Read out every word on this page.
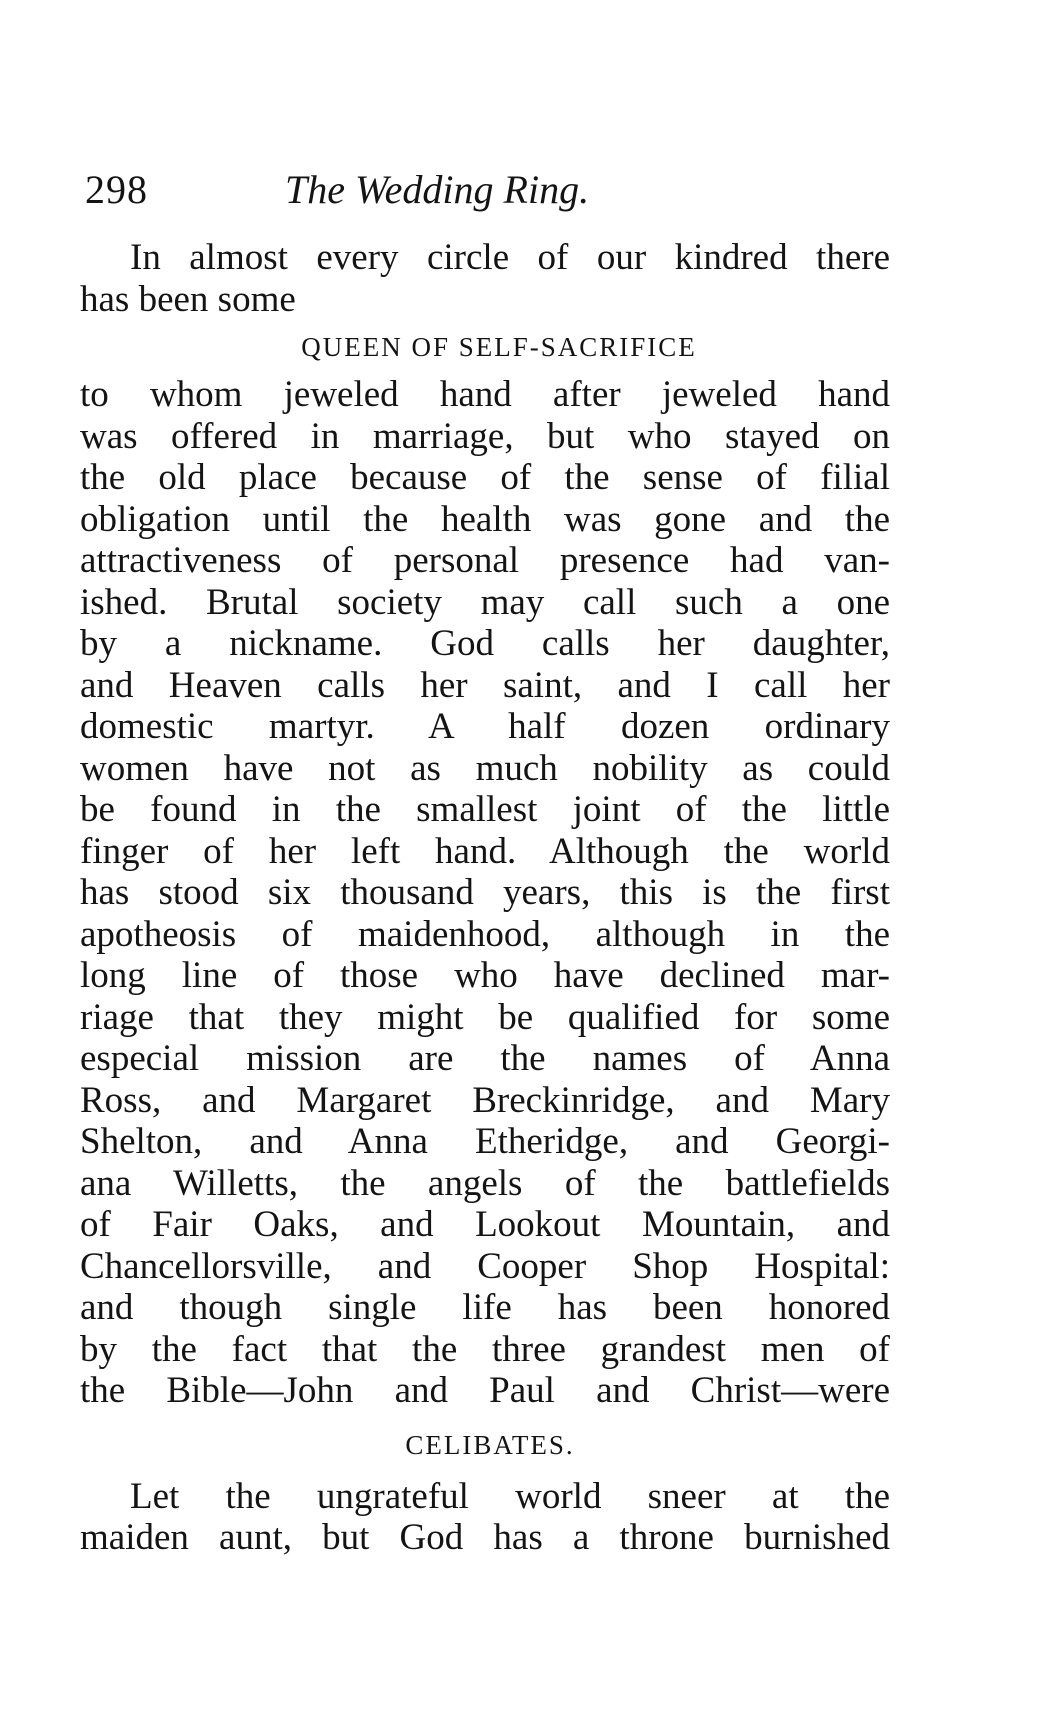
298	The Wedding Ring.
In almost every circle of our kindred there
has been some
QUEEN OF SELF-SACRIFICE
to whom jeweled hand after jeweled hand
was offered in marriage, but who stayed on
the old place because of the sense of filial
obligation until the health was gone and the
attractiveness of personal presence had van-
ished. Brutal society may call such a one
by a nickname. God calls her daughter,
and Heaven calls her saint, and I call her
domestic martyr. A half dozen ordinary
women have not as much nobility as could
be found in the smallest joint of the little
finger of her left hand. Although the world
has stood six thousand years, this is the first
apotheosis of maidenhood, although in the
long line of those who have declined mar-
riage that they might be qualified for some
especial mission are the names of Anna
Ross, and Margaret Breckinridge, and Mary
Shelton, and Anna Etheridge, and Georgi-
ana Willetts, the angels of the battlefields
of Fair Oaks, and Lookout Mountain, and
Chancellorsville, and Cooper Shop Hospital:
and though single life has been honored
by the fact that the three grandest men of
the Bible—John and Paul and Christ—were
CELIBATES.
Let the ungrateful world sneer at the
maiden aunt, but God has a throne burnished
